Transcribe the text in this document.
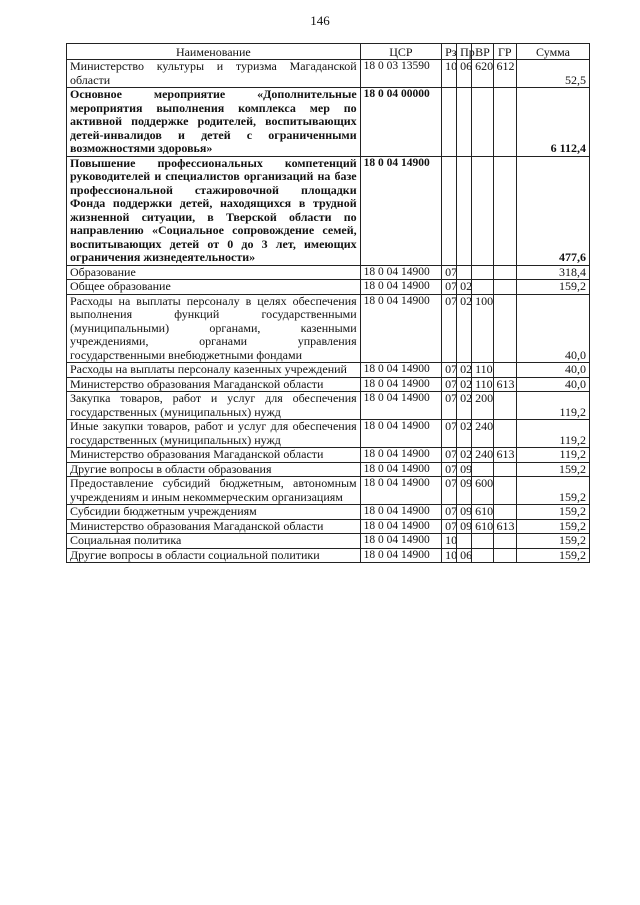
146
Наименование	ЦСР	Рз	Пр	ВР	ГР	Сумма
Министерство культуры и туризма Магаданской области	18 0 03 13590	10	06	620	612	52,5
Основное мероприятие «Дополнительные мероприятия выполнения комплекса мер по активной поддержке родителей, воспитывающих детей-инвалидов и детей с ограниченными возможностями здоровья»	18 0 04 00000					6 112,4
Повышение профессиональных компетенций руководителей и специалистов организаций на базе профессиональной стажировочной площадки Фонда поддержки детей, находящихся в трудной жизненной ситуации, в Тверской области по направлению «Социальное сопровождение семей, воспитывающих детей от 0 до 3 лет, имеющих ограничения жизнедеятельности»	18 0 04 14900					477,6
Образование	18 0 04 14900	07				318,4
Общее образование	18 0 04 14900	07	02			159,2
Расходы на выплаты персоналу в целях обеспечения выполнения функций государственными (муниципальными) органами, казенными учреждениями, органами управления государственными внебюджетными фондами	18 0 04 14900	07	02	100		40,0
Расходы на выплаты персоналу казенных учреждений	18 0 04 14900	07	02	110		40,0
Министерство образования Магаданской области	18 0 04 14900	07	02	110	613	40,0
Закупка товаров, работ и услуг для обеспечения государственных (муниципальных) нужд	18 0 04 14900	07	02	200		119,2
Иные закупки товаров, работ и услуг для обеспечения государственных (муниципальных) нужд	18 0 04 14900	07	02	240		119,2
Министерство образования Магаданской области	18 0 04 14900	07	02	240	613	119,2
Другие вопросы в области образования	18 0 04 14900	07	09			159,2
Предоставление субсидий бюджетным, автономным учреждениям и иным некоммерческим организациям	18 0 04 14900	07	09	600		159,2
Субсидии бюджетным учреждениям	18 0 04 14900	07	09	610		159,2
Министерство образования Магаданской области	18 0 04 14900	07	09	610	613	159,2
Социальная политика	18 0 04 14900	10				159,2
Другие вопросы в области социальной политики	18 0 04 14900	10	06			159,2
